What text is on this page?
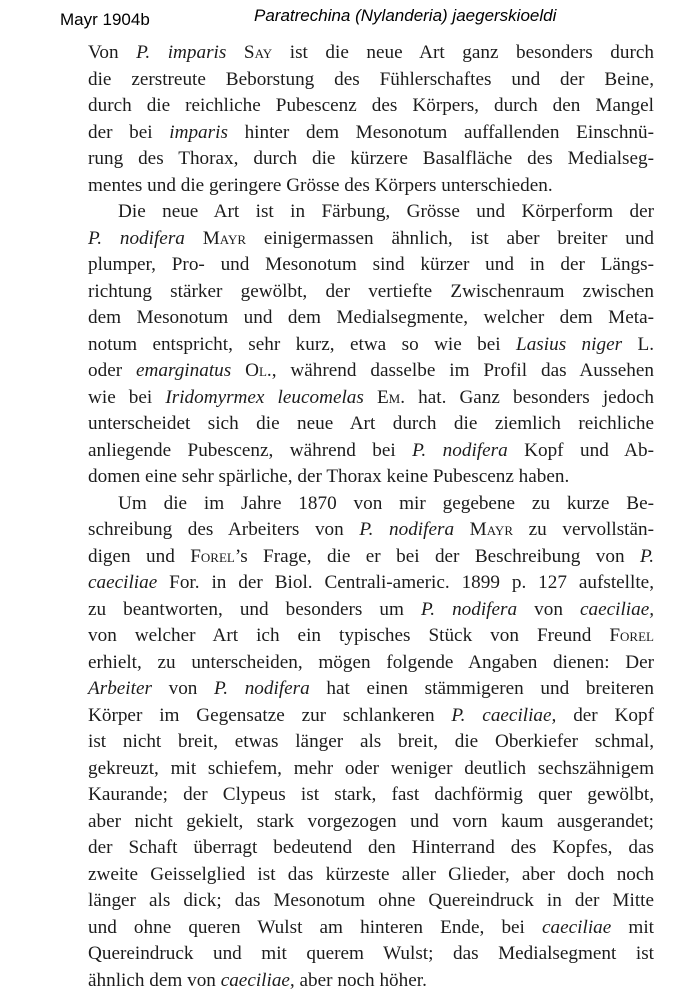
Mayr 1904b	Paratrechina (Nylanderia) jaegerskioeldi
Von P. imparis Say ist die neue Art ganz besonders durch
die zerstreute Beborstung des Fühlerschaftes und der Beine,
durch die reichliche Pubescenz des Körpers, durch den Mangel
der bei imparis hinter dem Mesonotum auffallenden Einschnü-
rung des Thorax, durch die kürzere Basalfläche des Medialseg-
mentes und die geringere Grösse des Körpers unterschieden.
Die neue Art ist in Färbung, Grösse und Körperform der
P. nodifera Mayr einigermassen ähnlich, ist aber breiter und
plumper, Pro- und Mesonotum sind kürzer und in der Längs-
richtung stärker gewölbt, der vertiefte Zwischenraum zwischen
dem Mesonotum und dem Medialsegmente, welcher dem Meta-
notum entspricht, sehr kurz, etwa so wie bei Lasius niger L.
oder emarginatus Ol., während dasselbe im Profil das Aussehen
wie bei Iridomyrmex leucomelas Em. hat. Ganz besonders jedoch
unterscheidet sich die neue Art durch die ziemlich reichliche
anliegende Pubescenz, während bei P. nodifera Kopf und Ab-
domen eine sehr spärliche, der Thorax keine Pubescenz haben.
Um die im Jahre 1870 von mir gegebene zu kurze Be-
schreibung des Arbeiters von P. nodifera Mayr zu vervollstän-
digen und Forel’s Frage, die er bei der Beschreibung von P.
caeciliae For. in der Biol. Centrali-americ. 1899 p. 127 aufstellte,
zu beantworten, und besonders um P. nodifera von caeciliae,
von welcher Art ich ein typisches Stück von Freund Forel
erhielt, zu unterscheiden, mögen folgende Angaben dienen: Der
Arbeiter von P. nodifera hat einen stämmigeren und breiteren
Körper im Gegensatze zur schlankeren P. caeciliae, der Kopf
ist nicht breit, etwas länger als breit, die Oberkiefer schmal,
gekreuzt, mit schiefem, mehr oder weniger deutlich sechszähnigem
Kaurande; der Clypeus ist stark, fast dachförmig quer gewölbt,
aber nicht gekielt, stark vorgezogen und vorn kaum ausgerandet;
der Schaft überragt bedeutend den Hinterrand des Kopfes, das
zweite Geisselglied ist das kürzeste aller Glieder, aber doch noch
länger als dick; das Mesonotum ohne Quereindruck in der Mitte
und ohne queren Wulst am hinteren Ende, bei caeciliae mit
Quereindruck und mit querem Wulst; das Medialsegment ist
ähnlich dem von caeciliae, aber noch höher.
